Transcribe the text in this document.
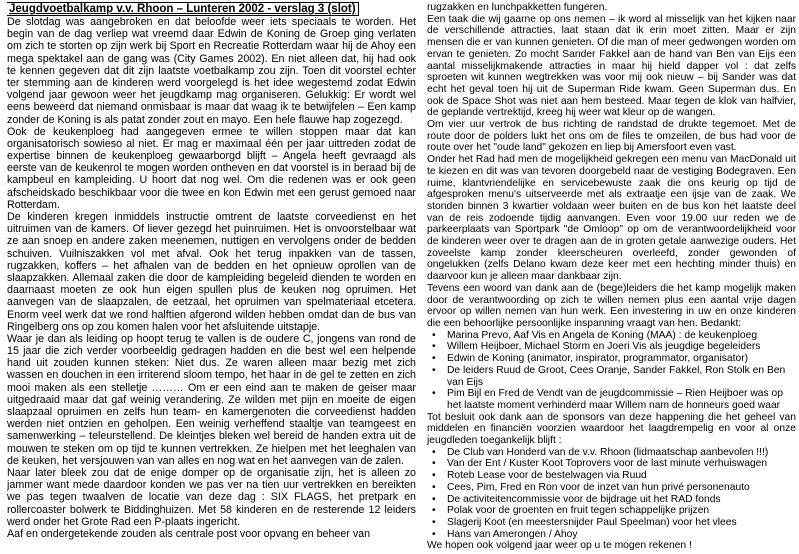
Jeugdvoetbalkamp v.v. Rhoon – Lunteren 2002 - verslag 3 (slot)

De slotdag was aangebroken en dat beloofde weer iets speciaals te worden. Het begin van de dag verliep wat vreemd daar Edwin de Koning de Groep ging verlaten om zich te storten op zijn werk bij Sport en Recreatie Rotterdam waar hij de Ahoy een mega spektakel aan de gang was (City Games 2002). En niet alleen dat, hij had ook te kennen gegeven dat dit zijn laatste voetbalkamp zou zijn. Toen dit voorstel echter ter stemming aan de kinderen werd voorgelegd is het idee wegestemd zodat Edwin volgend jaar gewoon weer het jeugdkamp mag organiseren. Gelukkig: Er wordt wel eens beweerd dat niemand onmisbaar is maar dat waag ik te betwijfelen – Een kamp zonder de Koning is als patat zonder zout en mayo. Een hele flauwe hap zogezegd.

Ook de keukenploeg had aangegeven ermee te willen stoppen maar dat kan organisatorisch sowieso al niet. Er mag er maximaal één per jaar uittreden zodat de expertise binnen de keukenploeg gewaarborgd blijft – Angela heeft gevraagd als eerste van de keukenrol te mogen worden ontheven en dat voorstel is in beraad bij de kampbeul en kampleiding. U hoort dat nog wel. Om die redenen was er ook geen afscheidskado beschikbaar voor die twee en kon Edwin met een gerust gemoed naar Rotterdam.

De kinderen kregen inmiddels instructie omtrent de laatste corveedienst en het uitruimen van de kamers. Of liever gezegd het puinruimen. Het is onvoorstelbaar wat ze aan snoep en andere zaken meenemen, nuttigen en vervolgens onder de bedden schuiven. Vuilniszakken vol met afval. Ook het terug inpakken van de tassen, rugzakken, koffers – het afhalen van de bedden en het opnieuw oprollen van de slaapzakken. Allemaal zaken die door de kampleiding begeleid dienden te worden en daarnaast moeten ze ook hun eigen spullen plus de keuken nog opruimen. Het aanvegen van de slaapzalen, de eetzaal, het opruimen van spelmateriaal etcetera. Enorm veel werk dat we rond halftien afgerond wilden hebben omdat dan de bus van Ringelberg ons op zou komen halen voor het afsluitende uitstapje.

Waar je dan als leiding op hoopt terug te vallen is de oudere C, jongens van rond de 15 jaar die zich verder voorbeeldig gedragen hadden en die best wel een helpende hand uit zouden kunnen steken: Niet dus. Ze waren alleen maar bezig met zich wassen en douchen in een irriterend sloom tempo, het haar in de gel te zetten en zich mooi maken als een stelletje ……… Om er een eind aan te maken de geiser maar uitgedraaid maar dat gaf weinig verandering. Ze wilden met pijn en moeite de eigen slaapzaal opruimen en zelfs hun team- en kamergenoten die corveedienst hadden werden niet ontzien en geholpen. Een weinig verheffend staaltje van teamgeest en samenwerking – teleurstellend. De kleintjes bleken wel bereid de handen extra uit de mouwen te steken om op tijd te kunnen vertrekken. Ze hielpen met het leeghalen van de keuken, het versjouwen van van alles en nog wat en het aanvegen van de zalen.

Naar later bleek zou dat de enige domper op de organisatie zijn, het is alleen zo jammer want mede daardoor konden we pas ver na tien uur vertrekken en bereikten we pas tegen twaalven de locatie van deze dag : SIX FLAGS, het pretpark en rollercoaster bolwerk te Biddinghuizen. Met 58 kinderen en de resterende 12 leiders werd onder het Grote Rad een P-plaats ingericht.

Aaf en ondergetekende zouden als centrale post voor opvang en beheer van

rugzakken en lunchpakketten fungeren.

Een taak die wij gaarne op ons nemen – ik word al misselijk van het kijken naar de verschillende attracties, laat staan dat ik erin moet zitten. Maar er zijn mensen die er van kunnen genieten. Of die man of meer gedwongen worden om ervan te genieten. Zo mocht Sander Fakkel aan de hand van Ben van Eijs een aantal misselijkmakende attracties in maar hij hield dapper vol : dat zelfs sproeten wit kunnen wegtrekken was voor mij ook nieuw – bij Sander was dat echt het geval toen hij uit de Superman Ride kwam. Geen Superman dus. En ook de Space Shot was niet aan hem besteed. Maar tegen de klok van halfvier, de geplande vertrektijd, kreeg hij weer wat kleur op de wangen.

Om vier uur vertrok de bus richting de randstad de drukte tegemoet. Met de route door de polders lukt het ons om de files te omzeilen, de bus had voor de route over het "oude land" gekozen en liep bij Amersfoort even vast.

Onder het Rad had men de mogelijkheid gekregen een menu van MacDonald uit te kiezen en dit was van tevoren doorgebeld naar de vestiging Bodegraven. Een ruime, klantvriendelijke en servicebewuste zaak die ons keurig op tijd de afgesproken menu's uitserveerde met als extraatje een ijsje van de zaak. We stonden binnen 3 kwartier voldaan weer buiten en de bus kon het laatste deel van de reis zodoende tijdig aanvangen. Even voor 19.00 uur reden we de parkeerplaats van Sportpark "de Omloop" op om de verantwoordelijkheid voor de kinderen weer over te dragen aan de in groten getale aanwezige ouders. Het zoveelste kamp zonder kleerscheuren overleefd, zonder gewonden of ongelukken (zelfs Delano kwam deze keer met een hechting minder thuis) en daarvoor kun je alleen maar dankbaar zijn.

Tevens een woord van dank aan de (bege)leiders die het kamp mogelijk maken door de verantwoording op zich te willen nemen plus een aantal vrije dagen ervoor op willen nemen van hun werk. Een investering in uw en onze kinderen die een behoorlijke persoonlijke inspanning vraagt van hen. Bedankt:

• Marina Prevo, Aaf Vis en Angela de Koning (MAA) : de keukenploeg
• Willem Heijboer, Michael Storm en Joeri Vis als jeugdige begeleiders
• Edwin de Koning (animator, inspirator, programmator, organisator)
• De leiders Ruud de Groot, Cees Oranje, Sander Fakkel, Ron Stolk en Ben van Eijs
• Pim Bijl en Fred de Vendt van de jeugdcommissie – Rien Heijboer was op het laatste moment verhinderd maar Willem nam de honneurs goed waar

Tot besluit ook dank aan de sponsors van deze happening die het geheel van middelen en financiën voorzien waardoor het laagdrempelig en voor al onze jeugdleden toegankelijk blijft :

• De Club van Honderd van de v.v. Rhoon (lidmaatschap aanbevolen !!!)
• Van der Ent / Kuster Koot Toprovers voor de last minute verhuiswagen
• Roteb Lease voor de bestelwagen via Ruud
• Cees, Pim, Fred en Ron voor de inzet van hun privé personenauto
• De activiteitencommissie voor de bijdrage uit het RAD fonds
• Polak voor de groenten en fruit tegen schappelijke prijzen
• Slagerij Koot (en meestersnijder Paul Speelman) voor het vlees
• Hans van Amerongen / Ahoy

We hopen ook volgend jaar weer op u te mogen rekenen !
